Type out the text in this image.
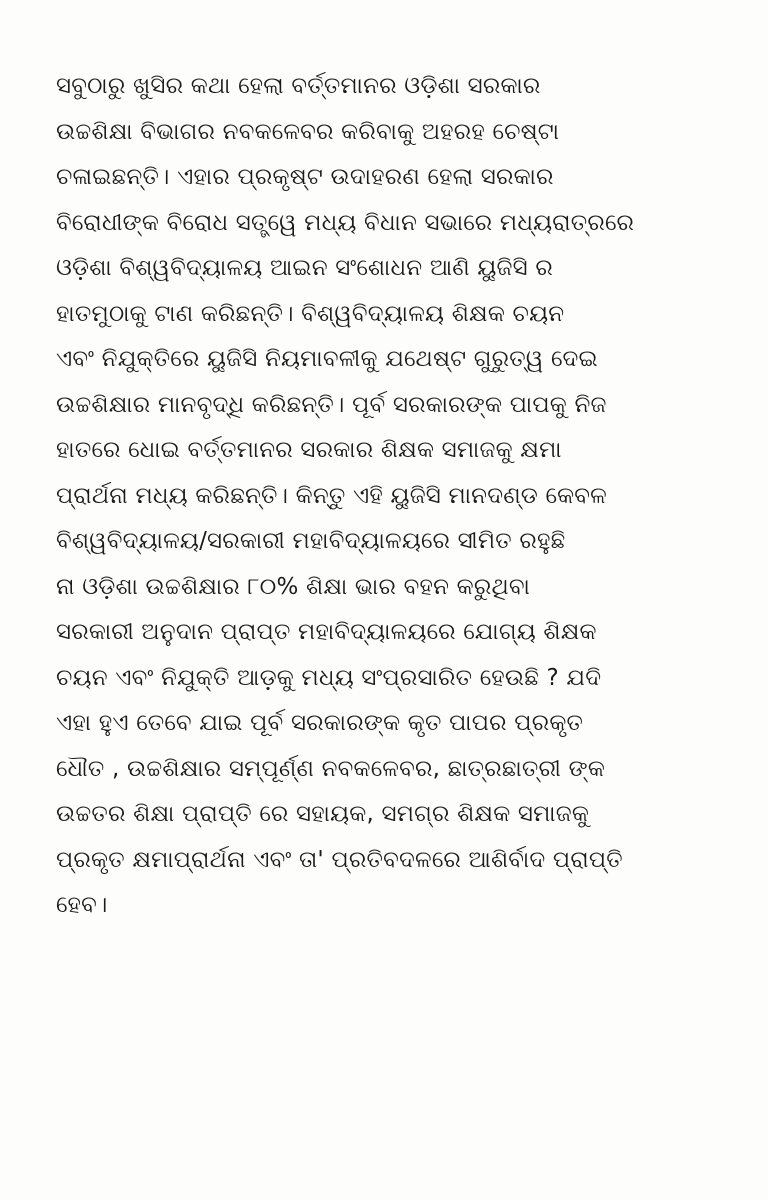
ସବୁଠାରୁ ଖୁସିର କଥା ହେଲା ବର୍ତ୍ତମାନର ଓଡ଼ିଶା ସରକାର
ଉଚ୍ଚଶିକ୍ଷା ବିଭାଗର ନବକଳେବର କରିବାକୁ ଅହରହ ଚେଷ୍ଟା
ଚଳାଇଛନ୍ତି। ଏହାର ପ୍ରକୃଷ୍ଟ ଉଦାହରଣ ହେଲା ସରକାର
ବିରୋଧୀଙ୍କ ବିରୋଧ ସତ୍ତ୍ୱେ ମଧ୍ୟ ବିଧାନ ସଭାରେ ମଧ୍ୟରାତ୍ରରେ
ଓଡ଼ିଶା ବିଶ୍ୱବିଦ୍ୟାଳୟ ଆଇନ ସଂଶୋଧନ ଆଣି ୟୁଜିସି ର
ହାତମୁଠାକୁ ଟାଣ କରିଛନ୍ତି। ବିଶ୍ୱବିଦ୍ୟାଳୟ ଶିକ୍ଷକ ଚୟନ
ଏବଂ ନିଯୁକ୍ତିରେ ୟୁଜିସି ନିୟମାବଳୀକୁ ଯଥେଷ୍ଟ ଗୁରୁତ୍ୱ ଦେଇ
ଉଚ୍ଚଶିକ୍ଷାର ମାନବୃଦ୍ଧି କରିଛନ୍ତି। ପୂର୍ବ ସରକାରଙ୍କ ପାପକୁ ନିଜ
ହାତରେ ଧୋଇ ବର୍ତ୍ତମାନର ସରକାର ଶିକ୍ଷକ ସମାଜକୁ କ୍ଷମା
ପ୍ରାର୍ଥନା ମଧ୍ୟ କରିଛନ୍ତି। କିନ୍ତୁ ଏହି ୟୁଜିସି ମାନଦଣ୍ଡ କେବଳ
ବିଶ୍ୱବିଦ୍ୟାଳୟ/ସରକାରୀ ମହାବିଦ୍ୟାଳୟରେ ସୀମିତ ରହୁଛି
ନା ଓଡ଼ିଶା ଉଚ୍ଚଶିକ୍ଷାର ୮୦% ଶିକ୍ଷା ଭାର ବହନ କରୁଥିବା
ସରକାରୀ ଅନୁଦାନ ପ୍ରାପ୍ତ ମହାବିଦ୍ୟାଳୟରେ ଯୋଗ୍ୟ ଶିକ୍ଷକ
ଚୟନ ଏବଂ ନିଯୁକ୍ତି ଆଡ଼କୁ ମଧ୍ୟ ସଂପ୍ରସାରିତ ହେଉଛି ? ଯଦି
ଏହା ହୁଏ ତେବେ ଯାଇ ପୂର୍ବ ସରକାରଙ୍କ କୃତ ପାପର ପ୍ରକୃତ
ଧୌତ , ଉଚ୍ଚଶିକ୍ଷାର ସମ୍ପୂର୍ଣ୍ଣ ନବକଳେବର, ଛାତ୍ରଛାତ୍ରୀ ଙ୍କ
ଉଚ୍ଚତର ଶିକ୍ଷା ପ୍ରାପ୍ତି ରେ ସହାୟକ, ସମଗ୍ର ଶିକ୍ଷକ ସମାଜକୁ
ପ୍ରକୃତ କ୍ଷମାପ୍ରାର୍ଥନା ଏବଂ ତା' ପ୍ରତିବଦଳରେ ଆଶିର୍ବାଦ ପ୍ରାପ୍ତି
ହେବ।
